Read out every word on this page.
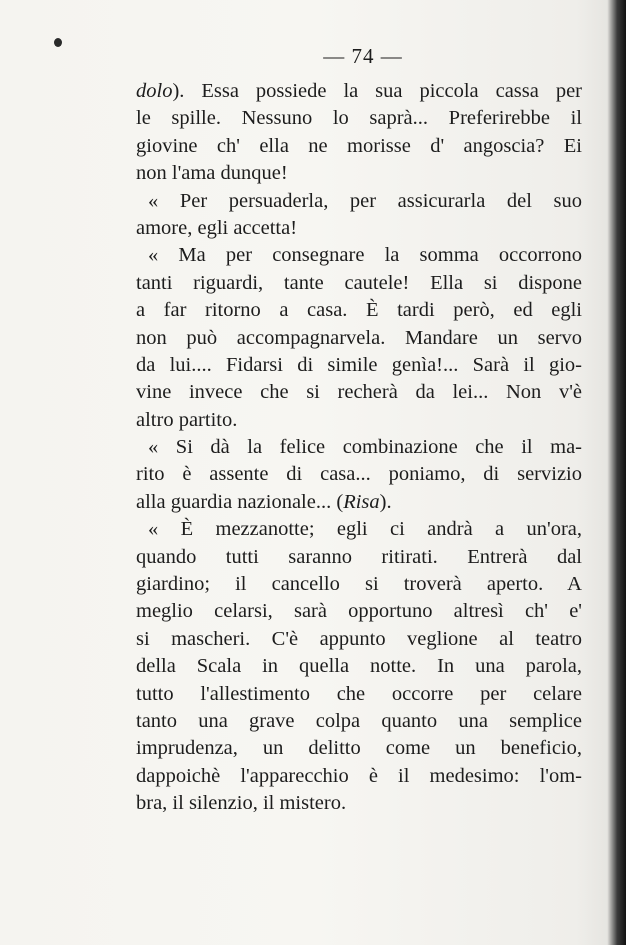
— 74 —
dolo). Essa possiede la sua piccola cassa per
le spille. Nessuno lo saprà... Preferirebbe il
giovine ch' ella ne morisse d' angoscia? Ei
non l'ama dunque!
« Per persuaderla, per assicurarla del suo
amore, egli accetta!
« Ma per consegnare la somma occorrono
tanti riguardi, tante cautele! Ella si dispone
a far ritorno a casa. È tardi però, ed egli
non può accompagnarvela. Mandare un servo
da lui.... Fidarsi di simile genìa!... Sarà il gio-
vine invece che si recherà da lei... Non v'è
altro partito.
« Si dà la felice combinazione che il ma-
rito è assente di casa... poniamo, di servizio
alla guardia nazionale... (Risa).
« È mezzanotte; egli ci andrà a un'ora,
quando tutti saranno ritirati. Entrerà dal
giardino; il cancello si troverà aperto. A
meglio celarsi, sarà opportuno altresì ch' e'
si mascheri. C'è appunto veglione al teatro
della Scala in quella notte. In una parola,
tutto l'allestimento che occorre per celare
tanto una grave colpa quanto una semplice
imprudenza, un delitto come un beneficio,
dappoichè l'apparecchio è il medesimo: l'om-
bra, il silenzio, il mistero.
